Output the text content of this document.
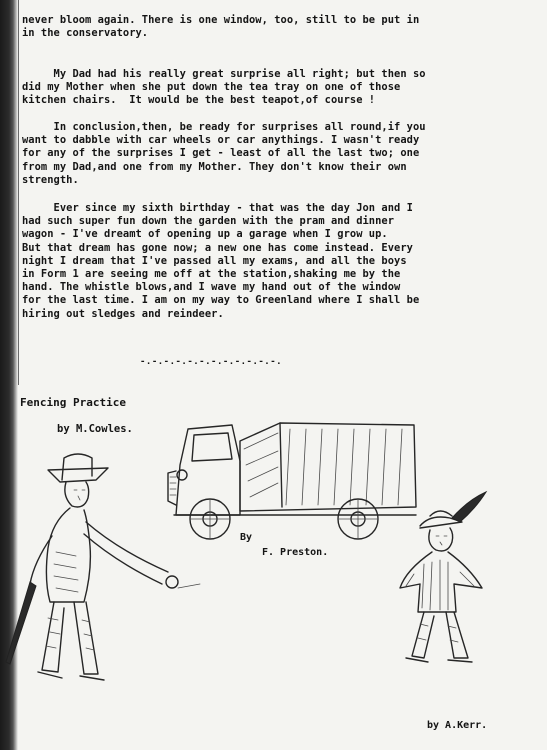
never bloom again. There is one window, too, still to be put in
in the conservatory.
My Dad had his really great surprise all right; but then so
did my Mother when she put down the tea tray on one of those
kitchen chairs.  It would be the best teapot,of course !
In conclusion,then, be ready for surprises all round,if you
want to dabble with car wheels or car anythings. I wasn't ready
for any of the surprises I get - least of all the last two; one
from my Dad,and one from my Mother. They don't know their own
strength.
Ever since my sixth birthday - that was the day Jon and I
had such super fun down the garden with the pram and dinner
wagon - I've dreamt of opening up a garage when I grow up.
But that dream has gone now; a new one has come instead. Every
night I dream that I've passed all my exams, and all the boys
in Form 1 are seeing me off at the station,shaking me by the
hand. The whistle blows,and I wave my hand out of the window
for the last time. I am on my way to Greenland where I shall be
hiring out sledges and reindeer.
-.-.-.-.-.-.-.-.-.-.-.-.
Fencing Practice
by M.Cowles.
By
F. Preston.
by A.Kerr.
